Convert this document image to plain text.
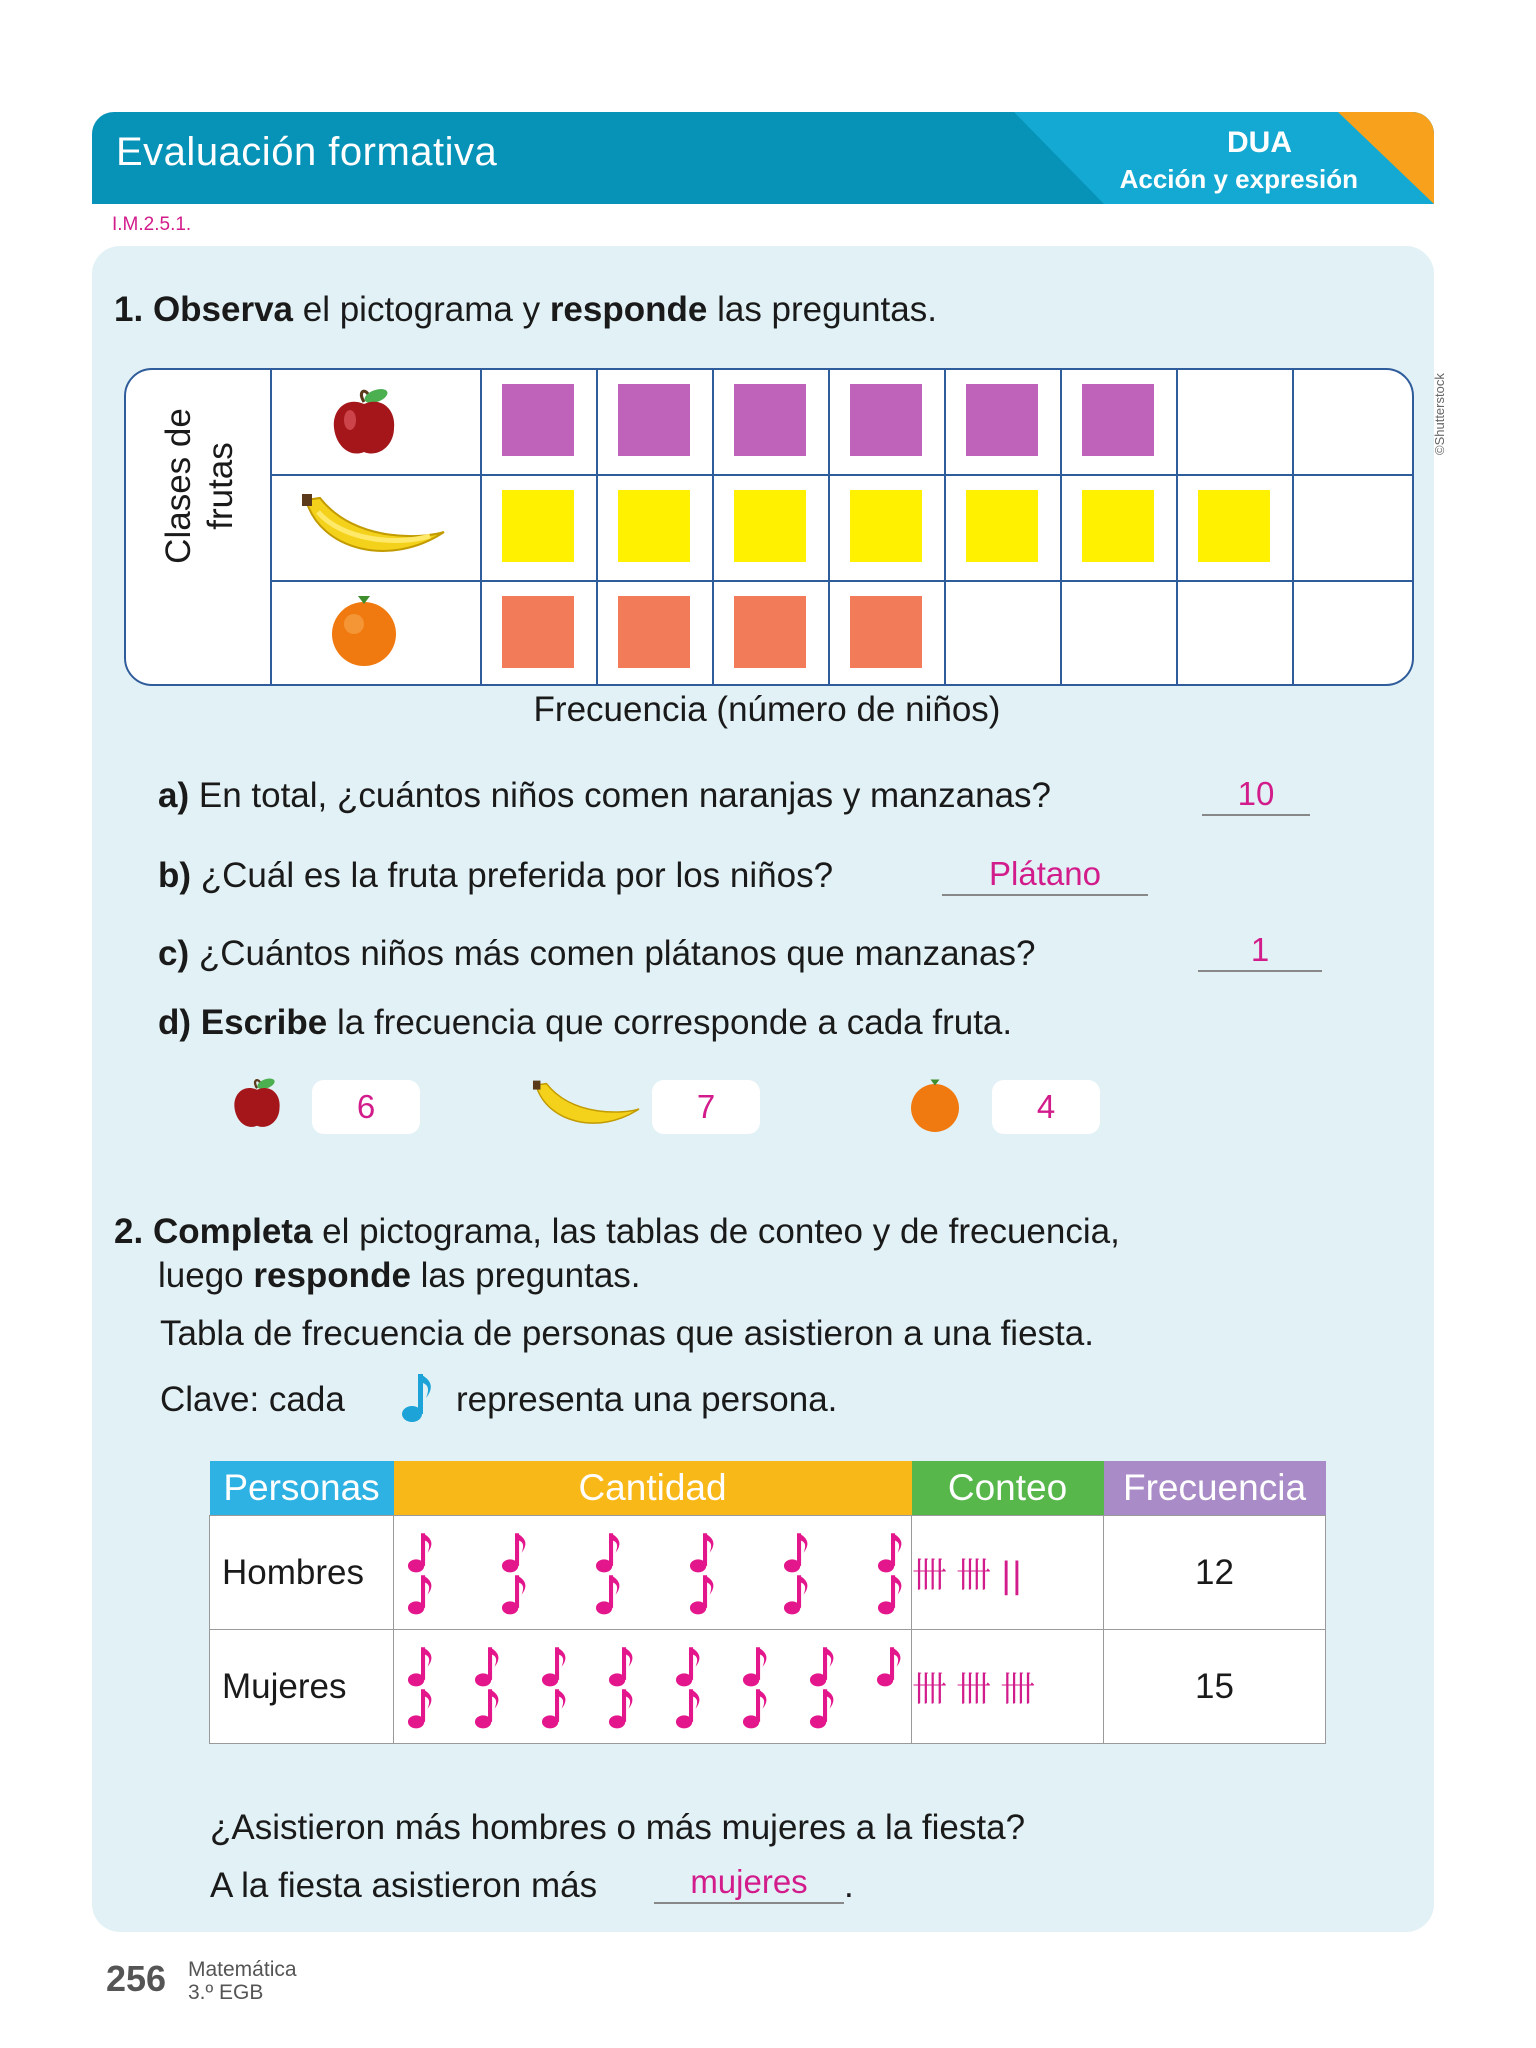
Evaluación formativa	DUA
Acción y expresión
I.M.2.5.1.
©Shutterstock
1. Observa el pictograma y responde las preguntas.
Clases de frutas
Frecuencia (número de niños)
a) En total, ¿cuántos niños comen naranjas y manzanas?	10
b) ¿Cuál es la fruta preferida por los niños?	Plátano
c) ¿Cuántos niños más comen plátanos que manzanas?	1
d) Escribe la frecuencia que corresponde a cada fruta.
6	7	4
2. Completa el pictograma, las tablas de conteo y de frecuencia,
luego responde las preguntas.
Tabla de frecuencia de personas que asistieron a una fiesta.
Clave: cada	representa una persona.
Personas	Cantidad	Conteo	Frecuencia
Hombres		卌 卌 ||	12
Mujeres		卌 卌 卌	15
¿Asistieron más hombres o más mujeres a la fiesta?
A la fiesta asistieron más	mujeres	.
256 Matemática
3.º EGB
